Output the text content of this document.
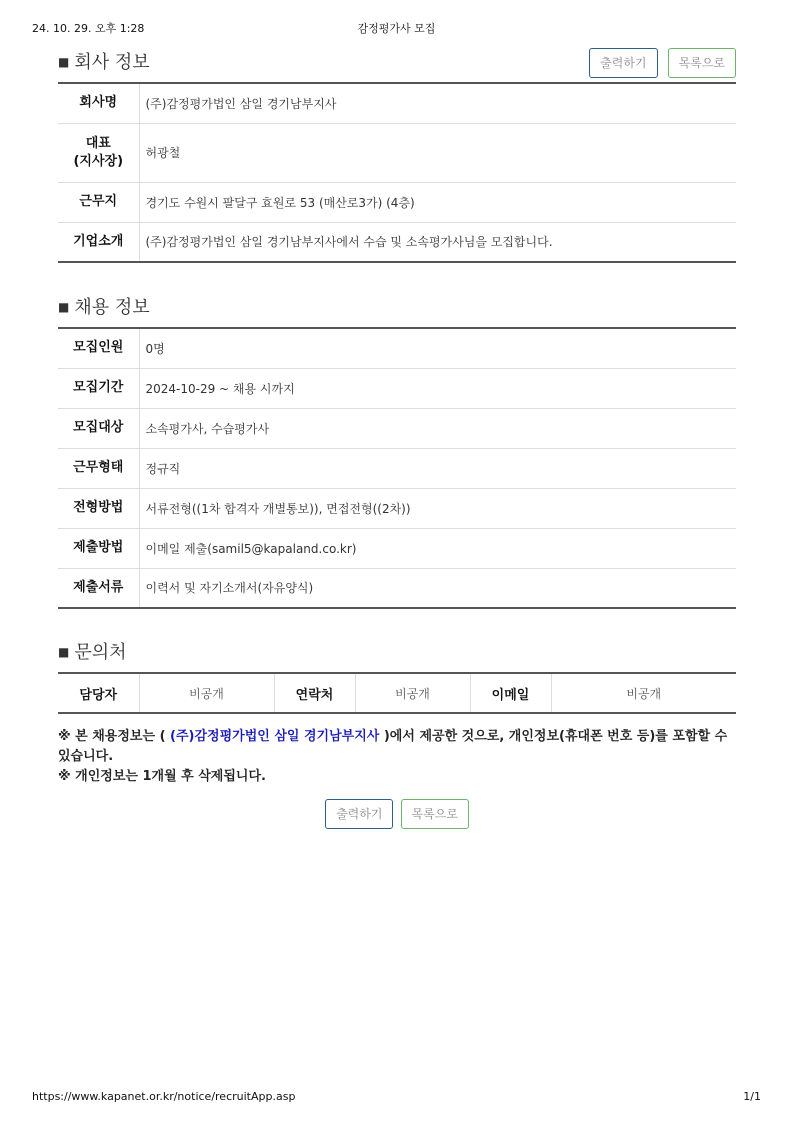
24. 10. 29. 오후 1:28	감정평가사 모집
■ 회사 정보	출력하기	목록으로
회사명	(주)감정평가법인 삼일 경기남부지사
대표
(지사장)	허광철
근무지	경기도 수원시 팔달구 효원로 53 (매산로3가) (4층)
기업소개	(주)감정평가법인 삼일 경기남부지사에서 수습 및 소속평가사님을 모집합니다.
■ 채용 정보
모집인원	0명
모집기간	2024-10-29 ~ 채용 시까지
모집대상	소속평가사, 수습평가사
근무형태	정규직
전형방법	서류전형((1차 합격자 개별통보)), 면접전형((2차))
제출방법	이메일 제출(samil5@kapaland.co.kr)
제출서류	이력서 및 자기소개서(자유양식)
■ 문의처
담당자	비공개	연락처	비공개	이메일	비공개
※ 본 채용정보는 ( (주)감정평가법인 삼일 경기남부지사 )에서 제공한 것으로, 개인정보(휴대폰 번호 등)를 포함할 수 있습니다.
※ 개인정보는 1개월 후 삭제됩니다.
출력하기 목록으로
https://www.kapanet.or.kr/notice/recruitApp.asp	1/1
